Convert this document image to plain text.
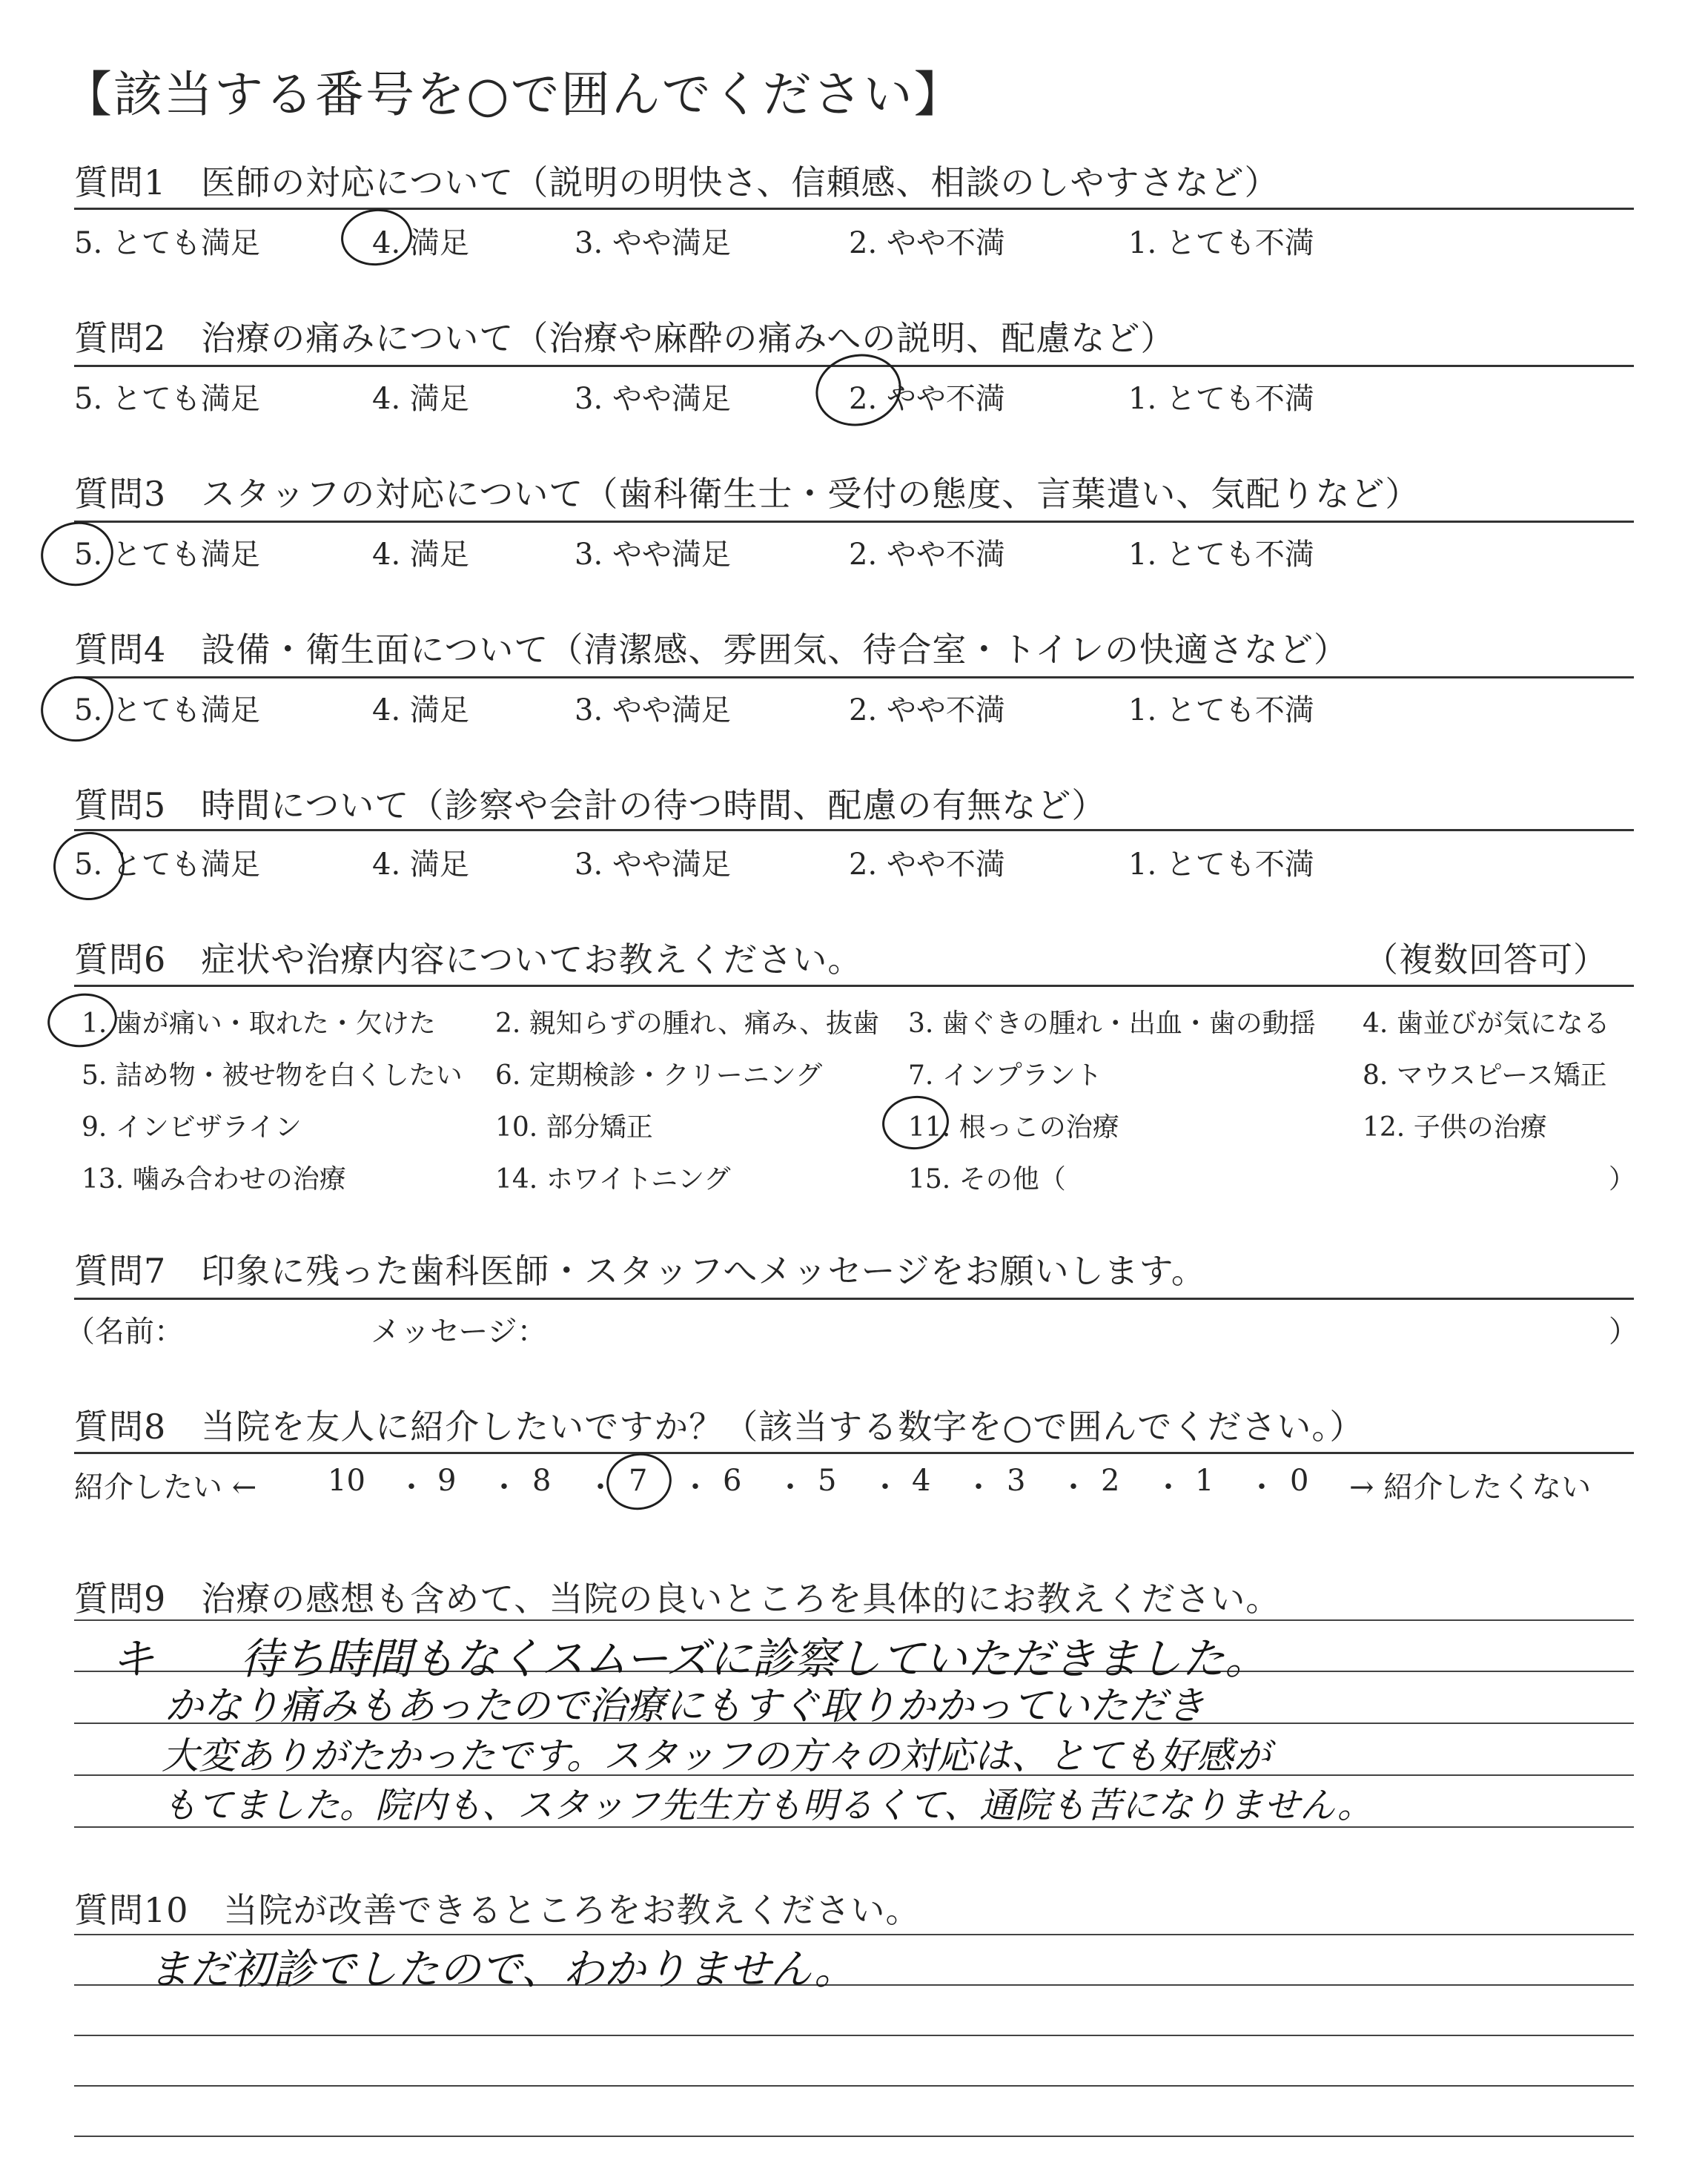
【該当する番号を○で囲んでください】
質問1　医師の対応について（説明の明快さ、信頼感、相談のしやすさなど）
5. とても満足	4. 満足	3. やや満足	2. やや不満	1. とても不満
質問2　治療の痛みについて（治療や麻酔の痛みへの説明、配慮など）
5. とても満足	4. 満足	3. やや満足	2. やや不満	1. とても不満
質問3　スタッフの対応について（歯科衛生士・受付の態度、言葉遣い、気配りなど）
5. とても満足	4. 満足	3. やや満足	2. やや不満	1. とても不満
質問4　設備・衛生面について（清潔感、雰囲気、待合室・トイレの快適さなど）
5. とても満足	4. 満足	3. やや満足	2. やや不満	1. とても不満
質問5　時間について（診察や会計の待つ時間、配慮の有無など）
5. とても満足	4. 満足	3. やや満足	2. やや不満	1. とても不満
質問6　症状や治療内容についてお教えください。	（複数回答可）
1. 歯が痛い・取れた・欠けた 2. 親知らずの腫れ、痛み、抜歯 3. 歯ぐきの腫れ・出血・歯の動揺 4. 歯並びが気になる
5. 詰め物・被せ物を白くしたい 6. 定期検診・クリーニング	7. インプラント	8. マウスピース矯正
9. インビザライン	10. 部分矯正	11. 根っこの治療	12. 子供の治療
13. 噛み合わせの治療	14. ホワイトニング	15. その他（	）
質問7　印象に残った歯科医師・スタッフへメッセージをお願いします。
（名前：	メッセージ：	）
質問8　当院を友人に紹介したいですか？（該当する数字を○で囲んでください。）
紹介したい ←	→ 紹介したくない
10 9	8	7	6	5	4	3	2	1	0
・ ・ ・ ・ ・ ・ ・ ・ ・ ・
質問9　治療の感想も含めて、当院の良いところを具体的にお教えください。
キ　　待ち時間もなくスムーズに診察していただきました。
かなり痛みもあったので治療にもすぐ取りかかっていただき
大変ありがたかったです。スタッフの方々の対応は、とても好感が
もてました。院内も、スタッフ先生方も明るくて、通院も苦になりません。
質問10　当院が改善できるところをお教えください。
まだ初診でしたので、わかりません。
